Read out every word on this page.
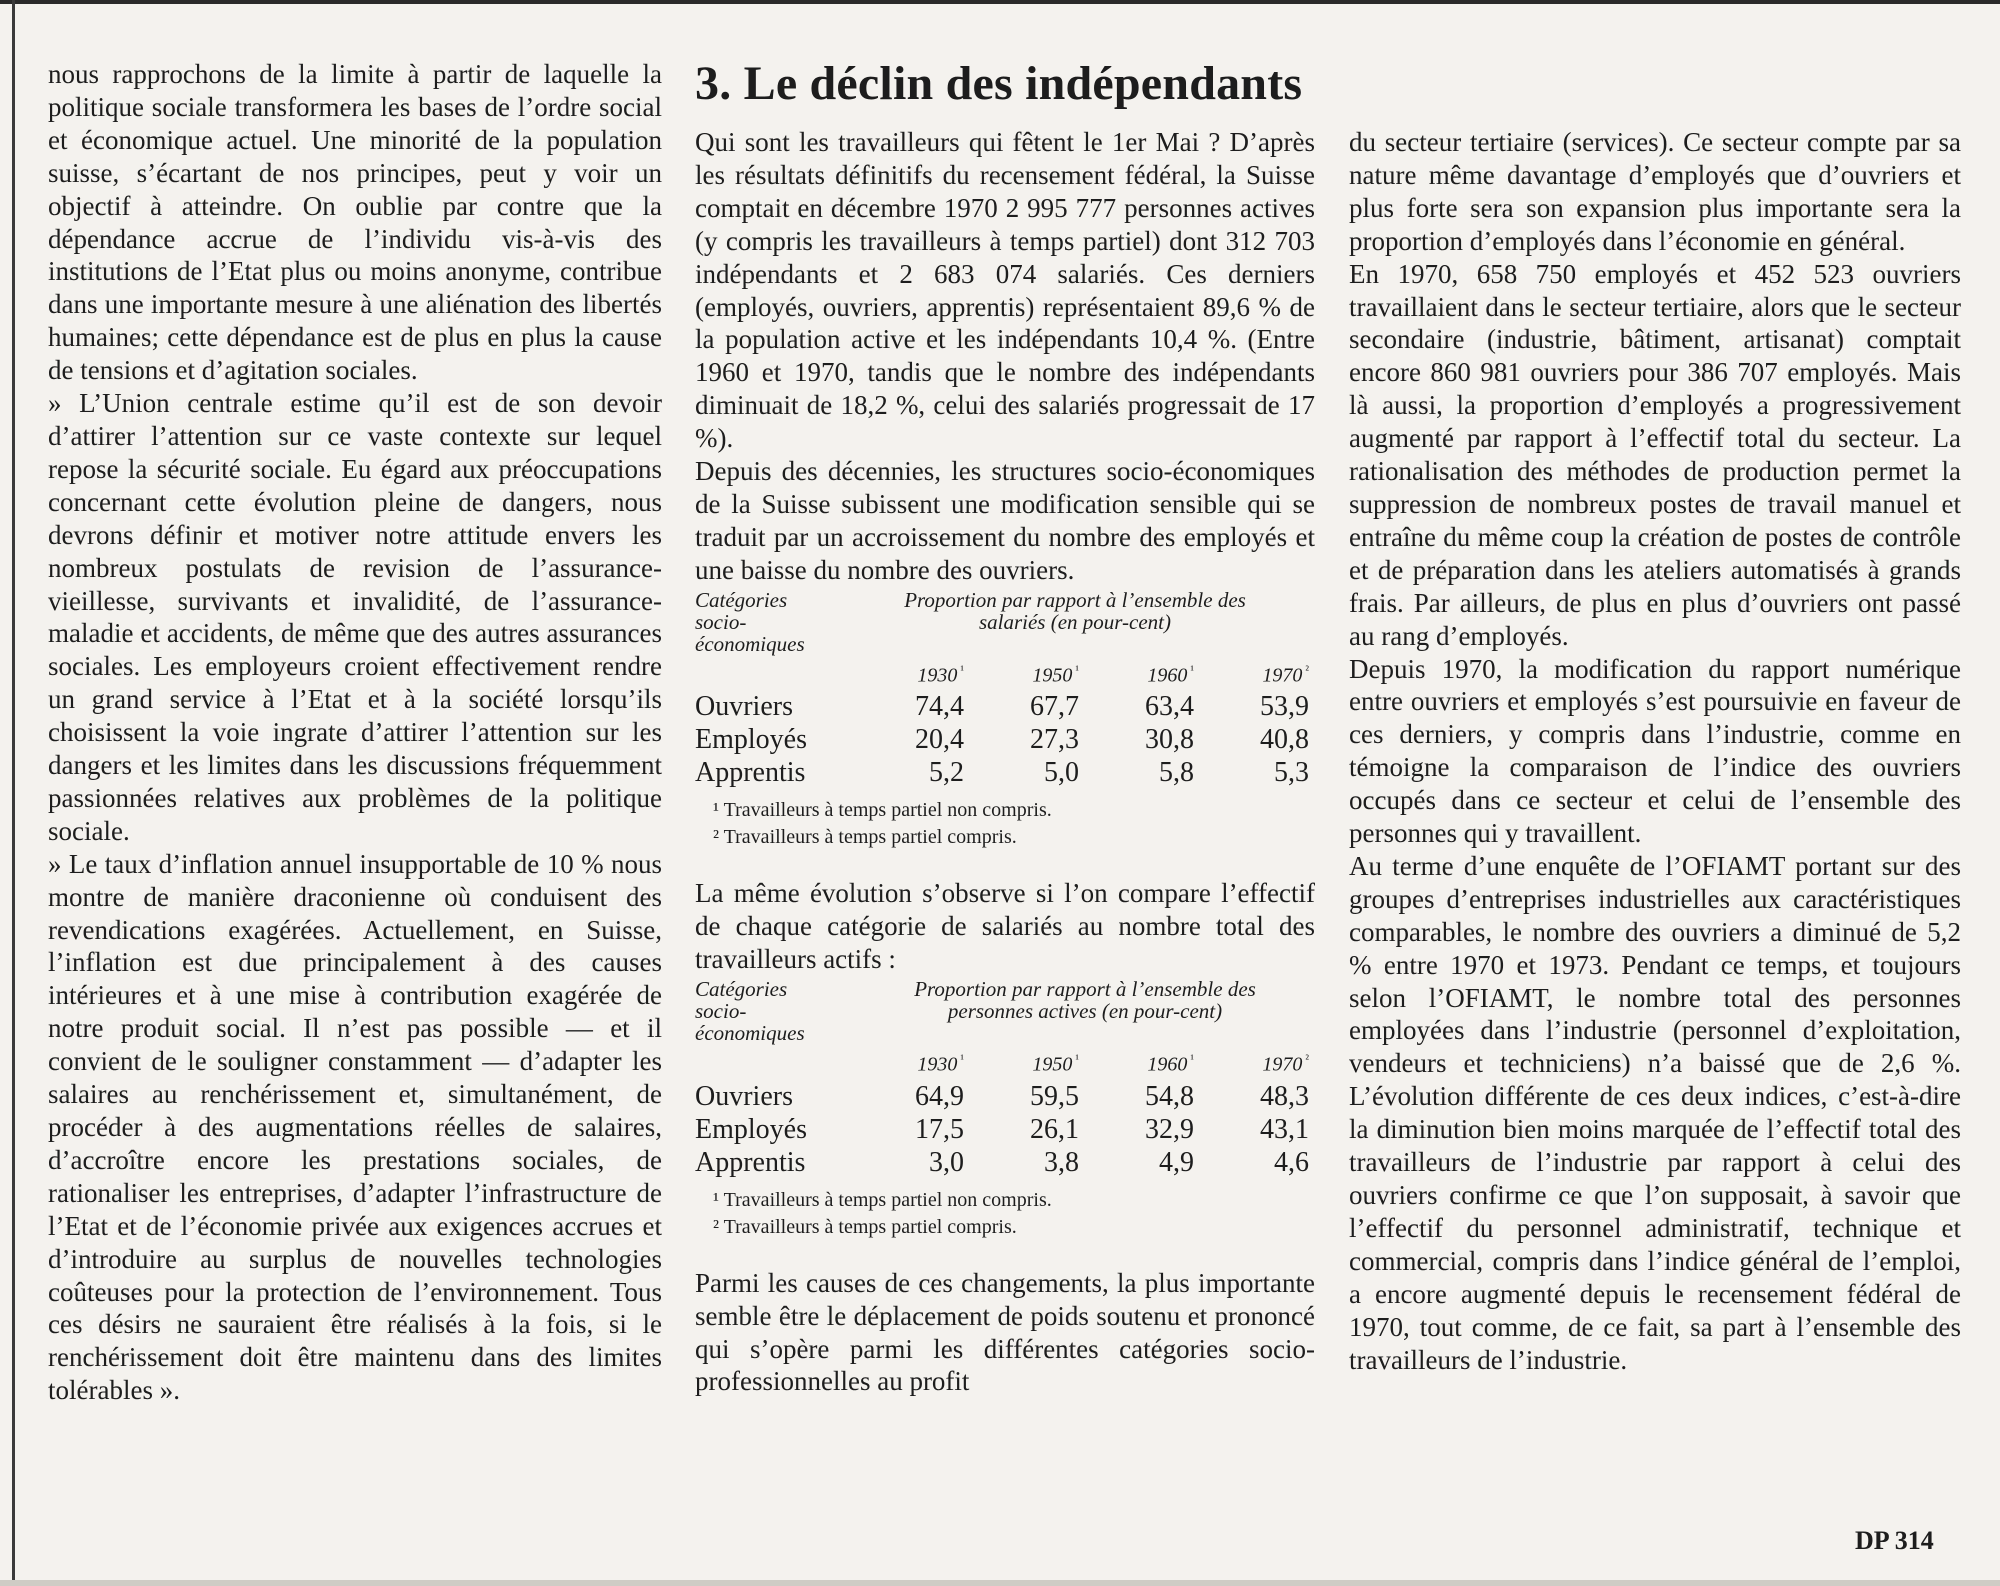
nous rapprochons de la limite à partir de laquelle la politique sociale transformera les bases de l’ordre social et économique actuel. Une minorité de la population suisse, s’écartant de nos principes, peut y voir un objectif à atteindre. On oublie par contre que la dépendance accrue de l’individu vis-à-vis des institutions de l’Etat plus ou moins anonyme, contribue dans une importante mesure à une aliénation des libertés humaines; cette dépendance est de plus en plus la cause de tensions et d’agitation sociales.

» L’Union centrale estime qu’il est de son devoir d’attirer l’attention sur ce vaste contexte sur lequel repose la sécurité sociale. Eu égard aux préoccupations concernant cette évolution pleine de dangers, nous devrons définir et motiver notre attitude envers les nombreux postulats de revision de l’assurance-vieillesse, survivants et invalidité, de l’assurance-maladie et accidents, de même que des autres assurances sociales. Les employeurs croient effectivement rendre un grand service à l’Etat et à la société lorsqu’ils choisissent la voie ingrate d’attirer l’attention sur les dangers et les limites dans les discussions fréquemment passionnées relatives aux problèmes de la politique sociale.

» Le taux d’inflation annuel insupportable de 10 % nous montre de manière draconienne où conduisent des revendications exagérées. Actuellement, en Suisse, l’inflation est due principalement à des causes intérieures et à une mise à contribution exagérée de notre produit social. Il n’est pas possible — et il convient de le souligner constamment — d’adapter les salaires au renchérissement et, simultanément, de procéder à des augmentations réelles de salaires, d’accroître encore les prestations sociales, de rationaliser les entreprises, d’adapter l’infrastructure de l’Etat et de l’économie privée aux exigences accrues et d’introduire au surplus de nouvelles technologies coûteuses pour la protection de l’environnement. Tous ces désirs ne sauraient être réalisés à la fois, si le renchérissement doit être maintenu dans des limites tolérables ».

3. Le déclin des indépendants

Qui sont les travailleurs qui fêtent le 1er Mai ? D’après les résultats définitifs du recensement fédéral, la Suisse comptait en décembre 1970 2 995 777 personnes actives (y compris les travailleurs à temps partiel) dont 312 703 indépendants et 2 683 074 salariés. Ces derniers (employés, ouvriers, apprentis) représentaient 89,6 % de la population active et les indépendants 10,4 %. (Entre 1960 et 1970, tandis que le nombre des indépendants diminuait de 18,2 %, celui des salariés progressait de 17 %).

Depuis des décennies, les structures socio-économiques de la Suisse subissent une modification sensible qui se traduit par un accroissement du nombre des employés et une baisse du nombre des ouvriers.

Catégories socio-économiques	Proportion par rapport à l’ensemble des salariés (en pour-cent)			
	1930 $^{^1}$	1950 $^{^1}$	1960 $^{^1}$	1970 $^{^2}$
Ouvriers	74,4	67,7	63,4	53,9
Employés	20,4	27,3	30,8	40,8
Apprentis	5,2	5,0	5,8	5,3
¹ Travailleurs à temps partiel non compris.
² Travailleurs à temps partiel compris.

La même évolution s’observe si l’on compare l’effectif de chaque catégorie de salariés au nombre total des travailleurs actifs :

Catégories socio-économiques	Proportion par rapport à l’ensemble des personnes actives (en pour-cent)			
	1930 $^{^1}$	1950 $^{^1}$	1960 $^{^1}$	1970 $^{^2}$
Ouvriers	64,9	59,5	54,8	48,3
Employés	17,5	26,1	32,9	43,1
Apprentis	3,0	3,8	4,9	4,6
¹ Travailleurs à temps partiel non compris.
² Travailleurs à temps partiel compris.

Parmi les causes de ces changements, la plus importante semble être le déplacement de poids soutenu et prononcé qui s’opère parmi les différentes catégories socio-professionnelles au profit

du secteur tertiaire (services). Ce secteur compte par sa nature même davantage d’employés que d’ouvriers et plus forte sera son expansion plus importante sera la proportion d’employés dans l’économie en général.

En 1970, 658 750 employés et 452 523 ouvriers travaillaient dans le secteur tertiaire, alors que le secteur secondaire (industrie, bâtiment, artisanat) comptait encore 860 981 ouvriers pour 386 707 employés. Mais là aussi, la proportion d’employés a progressivement augmenté par rapport à l’effectif total du secteur. La rationalisation des méthodes de production permet la suppression de nombreux postes de travail manuel et entraîne du même coup la création de postes de contrôle et de préparation dans les ateliers automatisés à grands frais. Par ailleurs, de plus en plus d’ouvriers ont passé au rang d’employés.

Depuis 1970, la modification du rapport numérique entre ouvriers et employés s’est poursuivie en faveur de ces derniers, y compris dans l’industrie, comme en témoigne la comparaison de l’indice des ouvriers occupés dans ce secteur et celui de l’ensemble des personnes qui y travaillent.

Au terme d’une enquête de l’OFIAMT portant sur des groupes d’entreprises industrielles aux caractéristiques comparables, le nombre des ouvriers a diminué de 5,2 % entre 1970 et 1973. Pendant ce temps, et toujours selon l’OFIAMT, le nombre total des personnes employées dans l’industrie (personnel d’exploitation, vendeurs et techniciens) n’a baissé que de 2,6 %. L’évolution différente de ces deux indices, c’est-à-dire la diminution bien moins marquée de l’effectif total des travailleurs de l’industrie par rapport à celui des ouvriers confirme ce que l’on supposait, à savoir que l’effectif du personnel administratif, technique et commercial, compris dans l’indice général de l’emploi, a encore augmenté depuis le recensement fédéral de 1970, tout comme, de ce fait, sa part à l’ensemble des travailleurs de l’industrie.

DP 314
